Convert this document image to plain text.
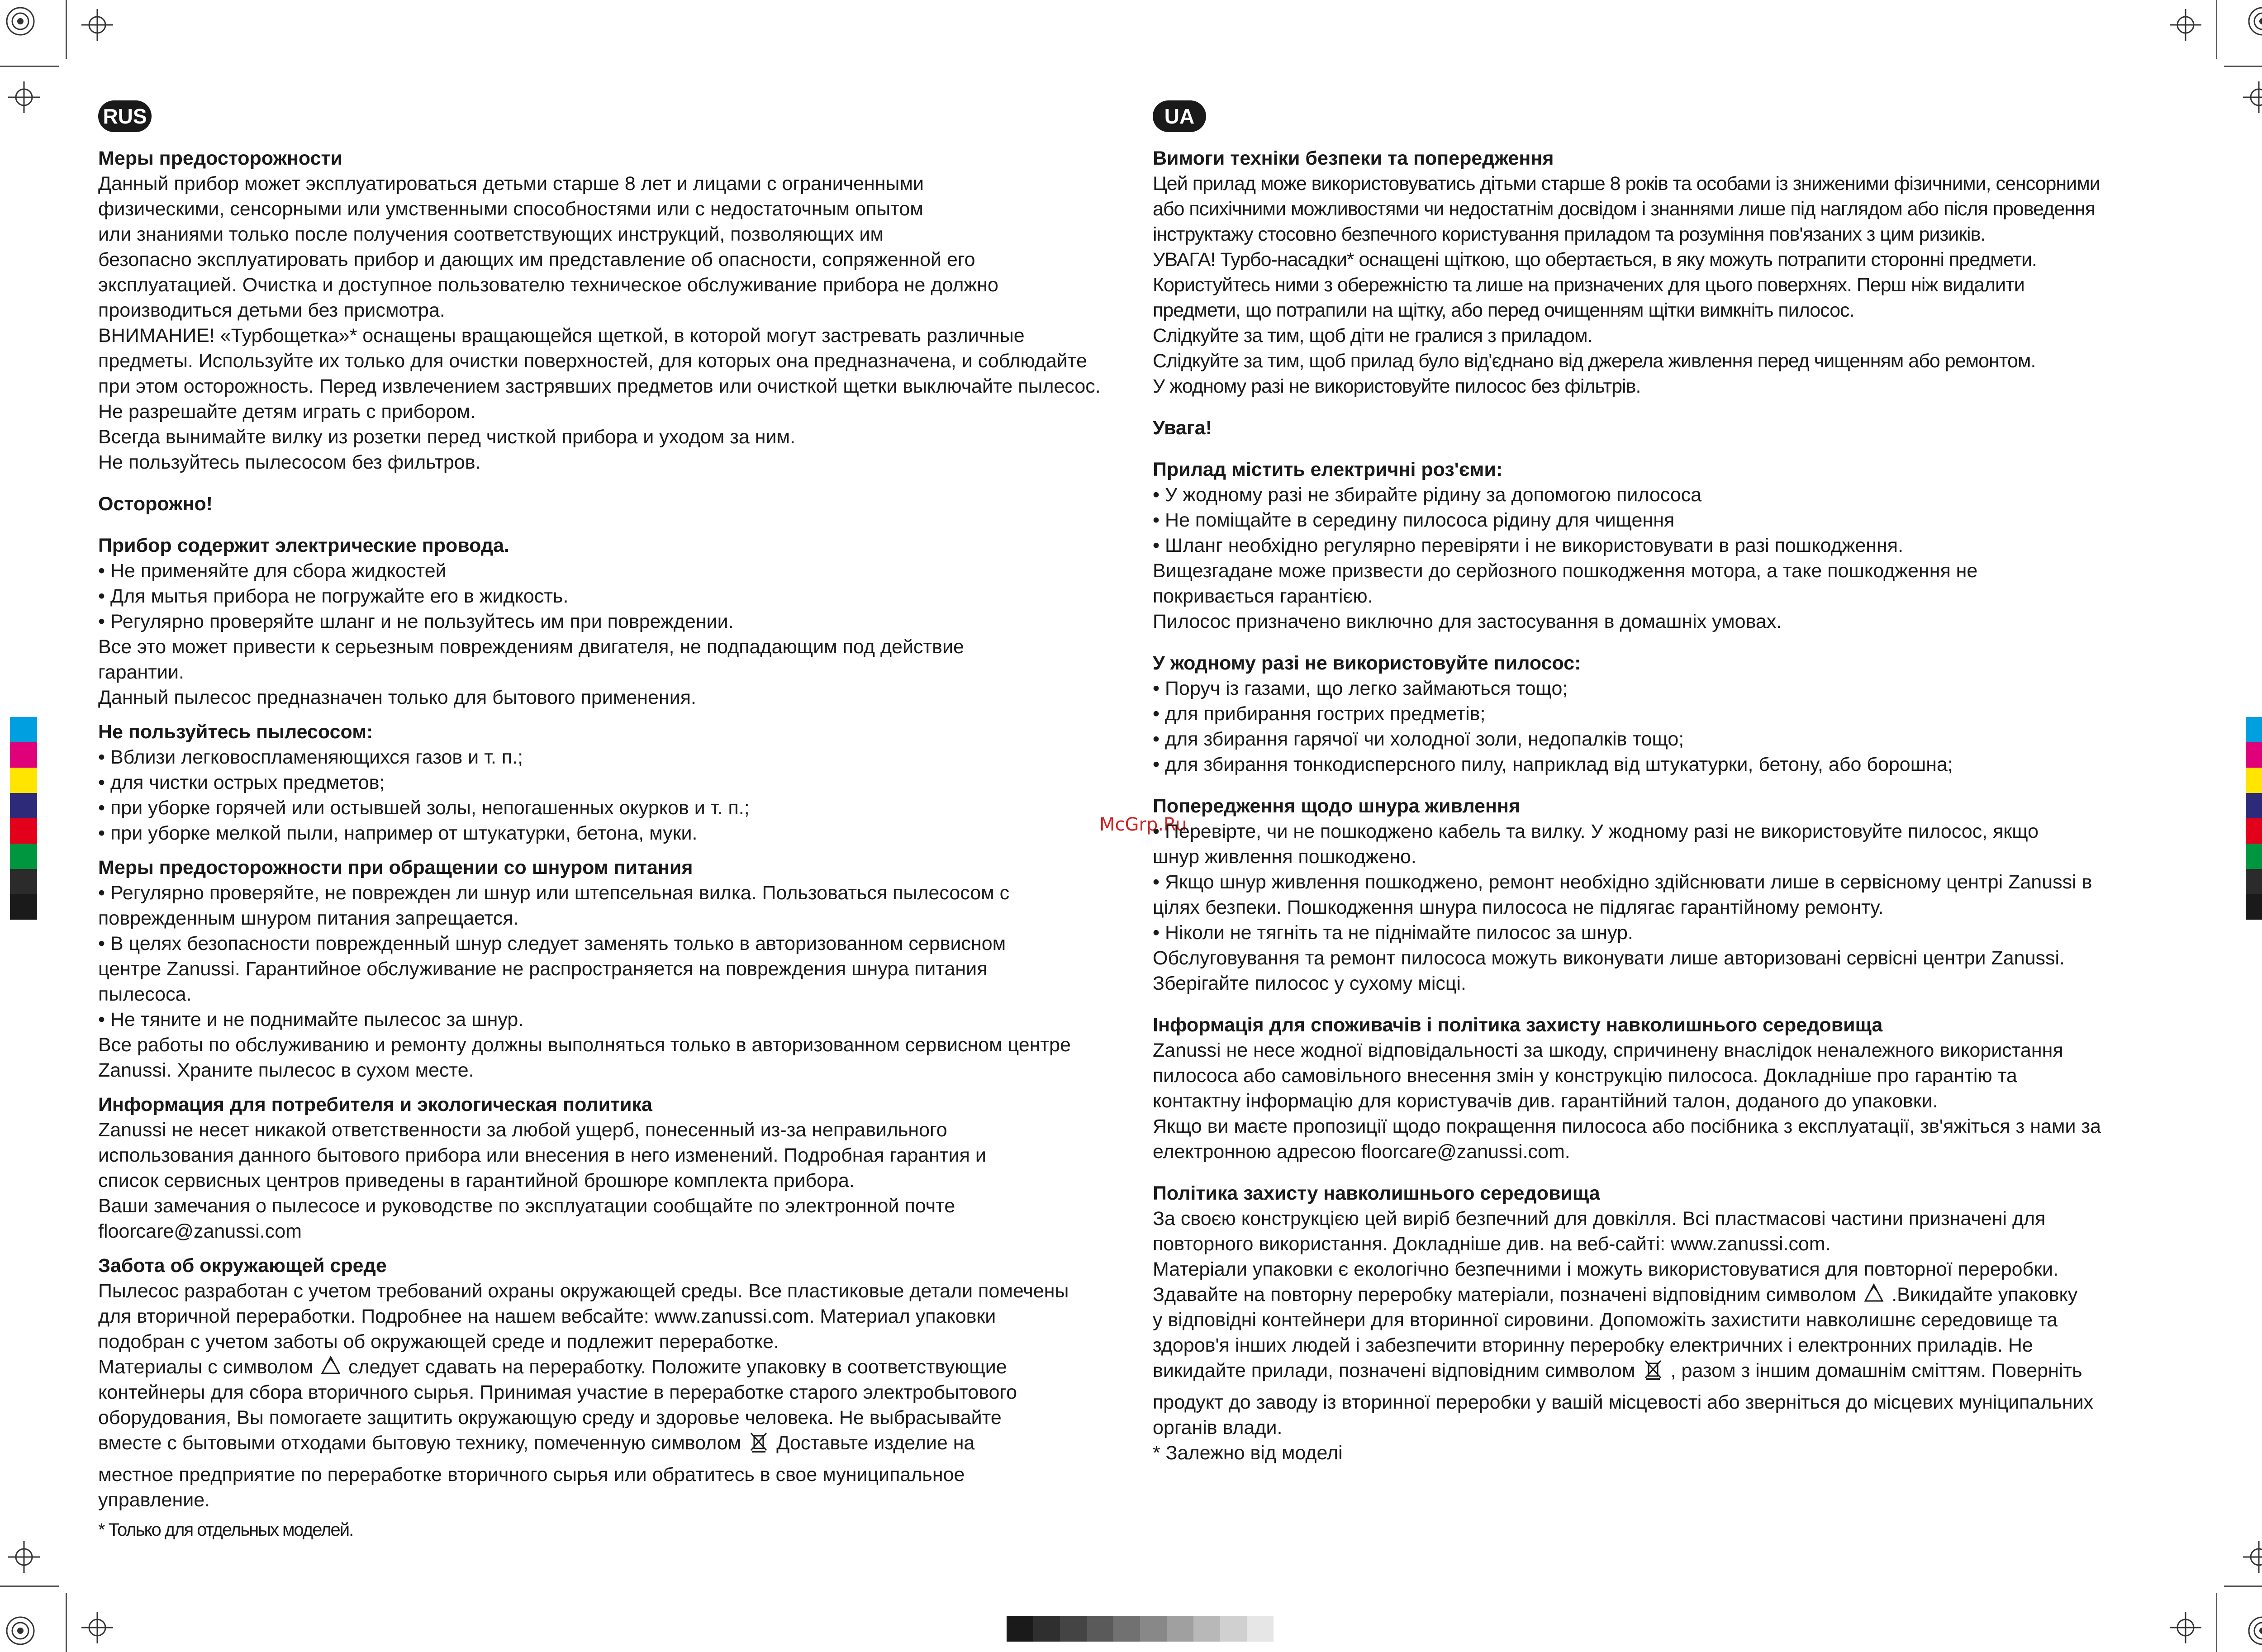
McGrp.Ru
RUS

Меры предосторожности

Данный прибор может эксплуатироваться детьми старше 8 лет и лицами с ограниченными

физическими, сенсорными или умственными способностями или с недостаточным опытом

или знаниями только после получения соответствующих инструкций, позволяющих им

безопасно эксплуатировать прибор и дающих им представление об опасности, сопряженной его

эксплуатацией. Очистка и доступное пользователю техническое обслуживание прибора не должно

производиться детьми без присмотра.

ВНИМАНИЕ! «Турбощетка»* оснащены вращающейся щеткой, в которой могут застревать различные

предметы. Используйте их только для очистки поверхностей, для которых она предназначена, и соблюдайте

при этом осторожность. Перед извлечением застрявших предметов или очисткой щетки выключайте пылесос.

Не разрешайте детям играть с прибором.

Всегда вынимайте вилку из розетки перед чисткой прибора и уходом за ним.

Не пользуйтесь пылесосом без фильтров.

Осторожно!

Прибор содержит электрические провода.

• Не применяйте для сбора жидкостей

• Для мытья прибора не погружайте его в жидкость.

• Регулярно проверяйте шланг и не пользуйтесь им при повреждении.

Все это может привести к серьезным повреждениям двигателя, не подпадающим под действие

гарантии.

Данный пылесос предназначен только для бытового применения.

Не пользуйтесь пылесосом:

• Вблизи легковоспламеняющихся газов и т. п.;

• для чистки острых предметов;

• при уборке горячей или остывшей золы, непогашенных окурков и т. п.;

• при уборке мелкой пыли, например от штукатурки, бетона, муки.

Меры предосторожности при обращении со шнуром питания

• Регулярно проверяйте, не поврежден ли шнур или штепсельная вилка. Пользоваться пылесосом с

поврежденным шнуром питания запрещается.

• В целях безопасности поврежденный шнур следует заменять только в авторизованном сервисном

центре Zanussi. Гарантийное обслуживание не распространяется на повреждения шнура питания

пылесоса.

• Не тяните и не поднимайте пылесос за шнур.

Все работы по обслуживанию и ремонту должны выполняться только в авторизованном сервисном центре

Zanussi. Храните пылесос в сухом месте.

Информация для потребителя и экологическая политика

Zanussi не несет никакой ответственности за любой ущерб, понесенный из-за неправильного

использования данного бытового прибора или внесения в него изменений. Подробная гарантия и

список сервисных центров приведены в гарантийной брошюре комплекта прибора.

Ваши замечания о пылесосе и руководстве по эксплуатации сообщайте по электронной почте

floorcare@zanussi.com

Забота об окружающей среде

Пылесос разработан с учетом требований охраны окружающей среды. Все пластиковые детали помечены

для вторичной переработки. Подробнее на нашем вебсайте: www.zanussi.com. Материал упаковки

подобран с учетом заботы об окружающей среде и подлежит переработке.

Материалы с символом следует сдавать на переработку. Положите упаковку в соответствующие

контейнеры для сбора вторичного сырья. Принимая участие в переработке старого электробытового

оборудования, Вы помогаете защитить окружающую среду и здоровье человека. Не выбрасывайте

вместе с бытовыми отходами бытовую технику, помеченную символом Доставьте изделие на

местное предприятие по переработке вторичного сырья или обратитесь в свое муниципальное

управление.

* Только для отдельных моделей.

UA

Вимоги техніки безпеки та попередження

Цей прилад може використовуватись дітьми старше 8 років та особами із зниженими фізичними, сенсорними

або психічними можливостями чи недостатнім досвідом і знаннями лише під наглядом або після проведення

інструктажу стосовно безпечного користування приладом та розуміння пов'язаних з цим ризиків.

УВАГА! Турбо-насадки* оснащені щіткою, що обертається, в яку можуть потрапити сторонні предмети.

Користуйтесь ними з обережністю та лише на призначених для цього поверхнях. Перш ніж видалити

предмети, що потрапили на щітку, або перед очищенням щітки вимкніть пилосос.

Слідкуйте за тим, щоб діти не гралися з приладом.

Слідкуйте за тим, щоб прилад було від'єднано від джерела живлення перед чищенням або ремонтом.

У жодному разі не використовуйте пилосос без фільтрів.

Увага!

Прилад містить електричні роз'єми:

• У жодному разі не збирайте рідину за допомогою пилососа

• Не поміщайте в середину пилососа рідину для чищення

• Шланг необхідно регулярно перевіряти і не використовувати в разі пошкодження.

Вищезгадане може призвести до серйозного пошкодження мотора, а таке пошкодження не

покривається гарантією.

Пилосос призначено виключно для застосування в домашніх умовах.

У жодному разі не використовуйте пилосос:

• Поруч із газами, що легко займаються тощо;

• для прибирання гострих предметів;

• для збирання гарячої чи холодної золи, недопалків тощо;

• для збирання тонкодисперсного пилу, наприклад від штукатурки, бетону, або борошна;

Попередження щодо шнура живлення

• Перевірте, чи не пошкоджено кабель та вилку. У жодному разі не використовуйте пилосос, якщо

шнур живлення пошкоджено.

• Якщо шнур живлення пошкоджено, ремонт необхідно здійснювати лише в сервісному центрі Zanussi в

цілях безпеки. Пошкодження шнура пилососа не підлягає гарантійному ремонту.

• Ніколи не тягніть та не піднімайте пилосос за шнур.

Обслуговування та ремонт пилососа можуть виконувати лише авторизовані сервісні центри Zanussi.

Зберігайте пилосос у сухому місці.

Інформація для споживачів і політика захисту навколишнього середовища

Zanussi не несе жодної відповідальності за шкоду, спричинену внаслідок неналежного використання

пилососа або самовільного внесення змін у конструкцію пилососа. Докладніше про гарантію та

контактну інформацію для користувачів див. гарантійний талон, доданого до упаковки.

Якщо ви маєте пропозиції щодо покращення пилососа або посібника з експлуатації, зв'яжіться з нами за

електронною адресою floorcare@zanussi.com.

Політика захисту навколишнього середовища

За своєю конструкцією цей виріб безпечний для довкілля. Всі пластмасові частини призначені для

повторного використання. Докладніше див. на веб-сайті: www.zanussi.com.

Матеріали упаковки є екологічно безпечними і можуть використовуватися для повторної переробки.

Здавайте на повторну переробку матеріали, позначені відповідним символом .Викидайте упаковку

у відповідні контейнери для вторинної сировини. Допоможіть захистити навколишнє середовище та

здоров'я інших людей і забезпечити вторинну переробку електричних і електронних приладів. Не

викидайте прилади, позначені відповідним символом , разом з іншим домашнім сміттям. Поверніть

продукт до заводу із вторинної переробки у вашій місцевості або зверніться до місцевих муніципальних

органів влади.

* Залежно від моделі
